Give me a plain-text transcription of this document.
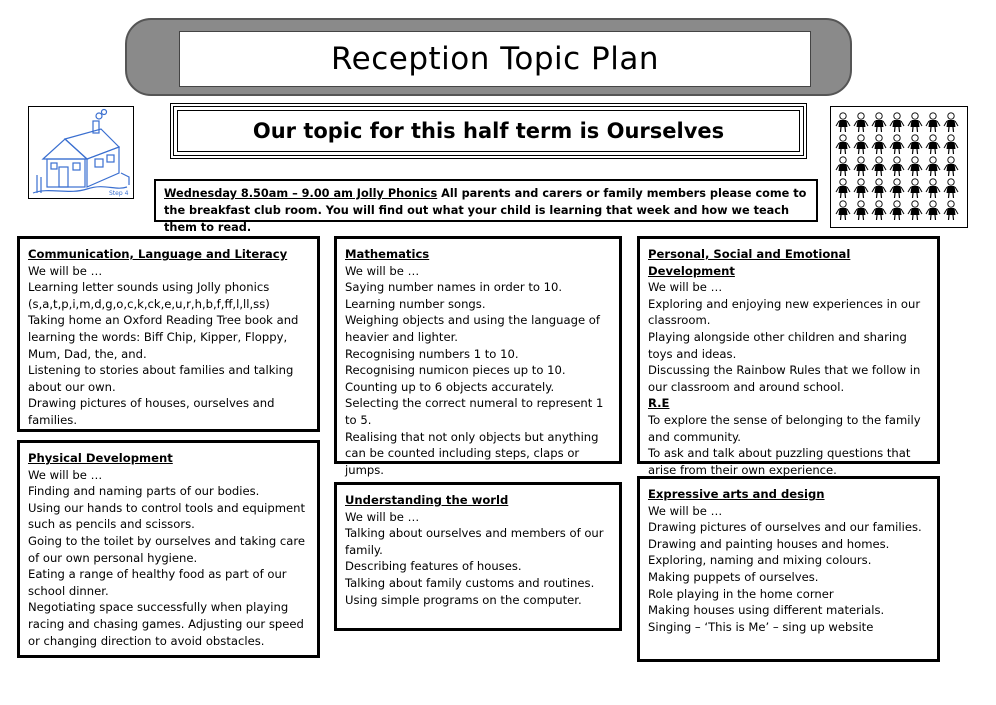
Reception Topic Plan
Step 4
Our topic for this half term is Ourselves
Wednesday 8.50am – 9.00 am Jolly Phonics All parents and carers or family members please come to the breakfast club room. You will find out what your child is learning that week and how we teach them to read.
Communication, Language and Literacy

We will be …

Learning letter sounds using Jolly phonics (s,a,t,p,i,m,d,g,o,c,k,ck,e,u,r,h,b,f,ff,l,ll,ss)

Taking home an Oxford Reading Tree book and learning the words: Biff Chip, Kipper, Floppy, Mum, Dad, the, and.

Listening to stories about families and talking about our own.

Drawing pictures of houses, ourselves and families.

Physical Development

We will be …

Finding and naming parts of our bodies.

Using our hands to control tools and equipment such as pencils and scissors.

Going to the toilet by ourselves and taking care of our own personal hygiene.

Eating a range of healthy food as part of our school dinner.

Negotiating space successfully when playing racing and chasing games. Adjusting our speed or changing direction to avoid obstacles.

Mathematics

We will be …

Saying number names in order to 10.

Learning number songs.

Weighing objects and using the language of heavier and lighter.

Recognising numbers 1 to 10.

Recognising numicon pieces up to 10.

Counting up to 6 objects accurately.

Selecting the correct numeral to represent 1 to 5.

Realising that not only objects but anything can be counted including steps, claps or jumps.

Understanding the world

We will be …

Talking about ourselves and members of our family.

Describing features of houses.

Talking about family customs and routines.

Using simple programs on the computer.

Personal, Social and Emotional Development

We will be …

Exploring and enjoying new experiences in our classroom.

Playing alongside other children and sharing toys and ideas.

Discussing the Rainbow Rules that we follow in our classroom and around school.

R.E

To explore the sense of belonging to the family and community.

To ask and talk about puzzling questions that arise from their own experience.

Expressive arts and design

We will be …

Drawing pictures of ourselves and our families.

Drawing and painting houses and homes.

Exploring, naming and mixing colours.

Making puppets of ourselves.

Role playing in the home corner

Making houses using different materials.

Singing – ‘This is Me’ – sing up website
